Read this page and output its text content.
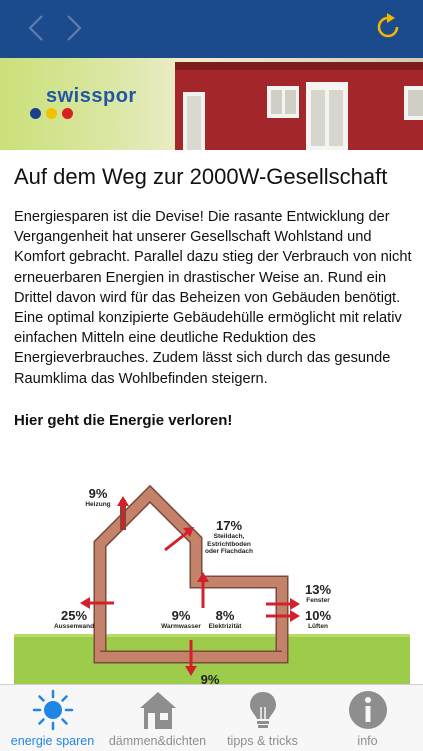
swisspor
Auf dem Weg zur 2000W-Gesellschaft

Energiesparen ist die Devise! Die rasante Entwicklung der Vergangenheit hat unserer Gesellschaft Wohlstand und Komfort gebracht. Parallel dazu stieg der Verbrauch von nicht erneuerbaren Energien in drastischer Weise an. Rund ein Drittel davon wird für das Beheizen von Gebäuden benötigt. Eine optimal konzipierte Gebäudehülle ermöglicht mit relativ einfachen Mitteln eine deutliche Reduktion des Energieverbrauches. Zudem lässt sich durch das gesunde Raumklima das Wohlbefinden steigern.

Hier geht die Energie verloren!

9%
Heizung
17%
Steildach,
Estrichtboden
oder Flachdach
25%
Aussenwand
9%
Warmwasser
8%
Elektrizität
13%
Fenster
10%
Lüften
9%
energie sparen	dämmen&dichten	tipps & tricks	info
